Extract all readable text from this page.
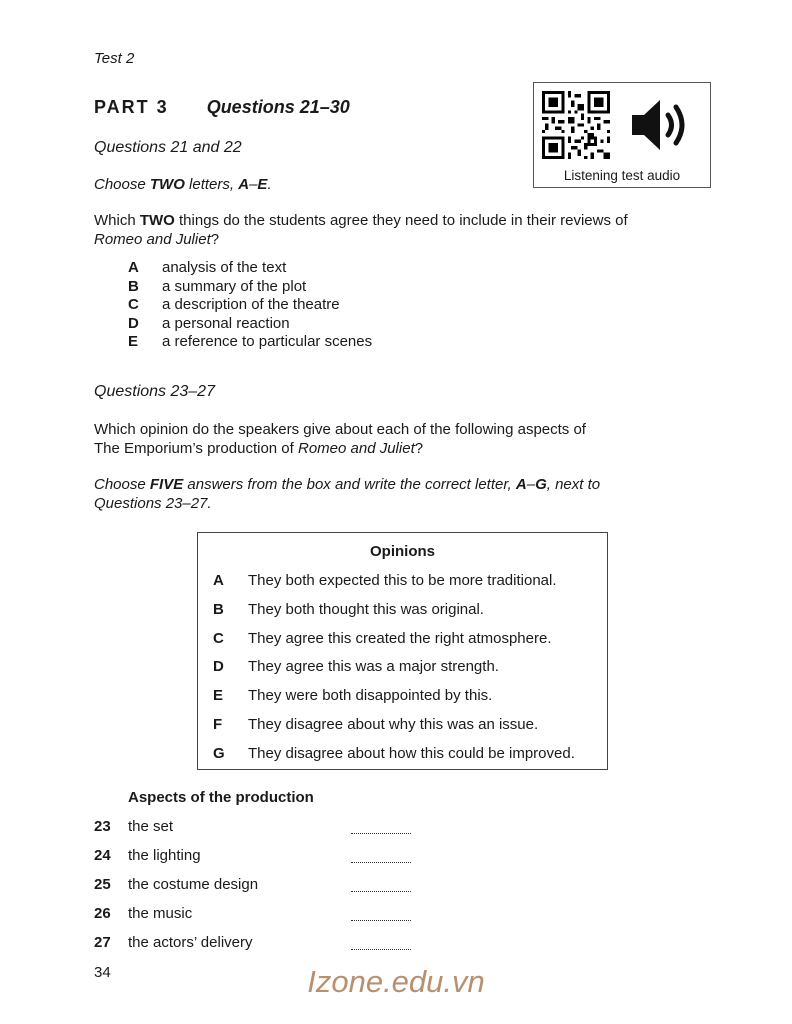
Test 2
PART 3 Questions 21–30
Listening test audio
Questions 21 and 22
Choose TWO letters, A–E.
Which TWO things do the students agree they need to include in their reviews of
Romeo and Juliet?
A	analysis of the text
B	a summary of the plot
C	a description of the theatre
D	a personal reaction
E	a reference to particular scenes
Questions 23–27
Which opinion do the speakers give about each of the following aspects of
The Emporium’s production of Romeo and Juliet?
Choose FIVE answers from the box and write the correct letter, A–G, next to
Questions 23–27.
Opinions
A	They both expected this to be more traditional.
B	They both thought this was original.
C	They agree this created the right atmosphere.
D	They agree this was a major strength.
E	They were both disappointed by this.
F	They disagree about why this was an issue.
G	They disagree about how this could be improved.
Aspects of the production
23	the set
24	the lighting
25	the costume design
26	the music
27	the actors’ delivery
34	Izone.edu.vn
